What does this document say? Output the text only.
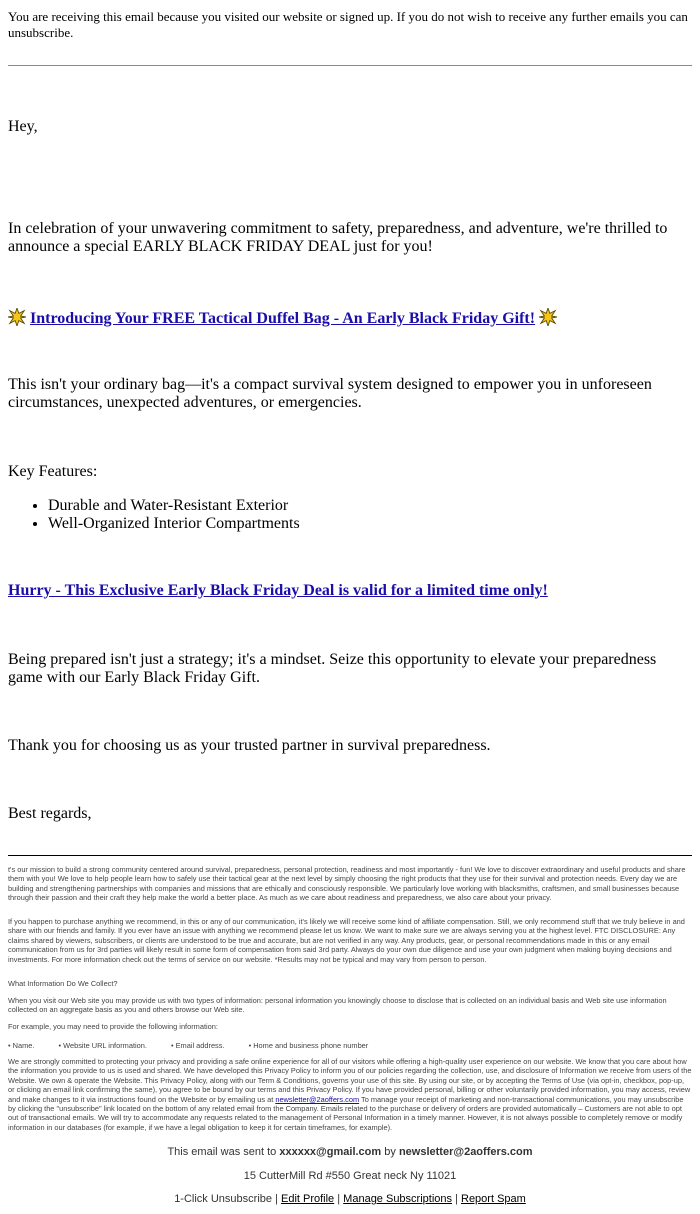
You are receiving this email because you visited our website or signed up. If you do not wish to receive any further emails you can unsubscribe.
Hey,
In celebration of your unwavering commitment to safety, preparedness, and adventure, we're thrilled to announce a special EARLY BLACK FRIDAY DEAL just for you!
Introducing Your FREE Tactical Duffel Bag - An Early Black Friday Gift!
This isn't your ordinary bag—it's a compact survival system designed to empower you in unforeseen circumstances, unexpected adventures, or emergencies.
Key Features:
• Durable and Water-Resistant Exterior
• Well-Organized Interior Compartments
Hurry - This Exclusive Early Black Friday Deal is valid for a limited time only!
Being prepared isn't just a strategy; it's a mindset. Seize this opportunity to elevate your preparedness game with our Early Black Friday Gift.
Thank you for choosing us as your trusted partner in survival preparedness.
Best regards,
t's our mission to build a strong community centered around survival, preparedness, personal protection, readiness and most importantly - fun! We love to discover extraordinary and useful products and share them with you! We love to help people learn how to safely use their tactical gear at the next level by simply choosing the right products that they use for their survival and protection needs. Every day we are building and strengthening partnerships with companies and missions that are ethically and consciously responsible. We particularly love working with blacksmiths, craftsmen, and small businesses because through their passion and their craft they help make the world a better place. As much as we care about readiness and preparedness, we also care about your privacy.
If you happen to purchase anything we recommend, in this or any of our communication, it's likely we will receive some kind of affiliate compensation. Still, we only recommend stuff that we truly believe in and share with our friends and family. If you ever have an issue with anything we recommend please let us know. We want to make sure we are always serving you at the highest level. FTC DISCLOSURE: Any claims shared by viewers, subscribers, or clients are understood to be true and accurate, but are not verified in any way. Any products, gear, or personal recommendations made in this or any email communication from us for 3rd parties will likely result in some form of compensation from said 3rd party. Always do your own due diligence and use your own judgment when making buying decisions and investments. For more information check out the terms of service on our website. *Results may not be typical and may vary from person to person.
What Information Do We Collect?
When you visit our Web site you may provide us with two types of information: personal information you knowingly choose to disclose that is collected on an individual basis and Web site use information collected on an aggregate basis as you and others browse our Web site.
For example, you may need to provide the following information:
• Name.	• Website URL information.	• Email address.	• Home and business phone number
We are strongly committed to protecting your privacy and providing a safe online experience for all of our visitors while offering a high-quality user experience on our website. We know that you care about how the information you provide to us is used and shared. We have developed this Privacy Policy to inform you of our policies regarding the collection, use, and disclosure of Information we receive from users of the Website. We own & operate the Website. This Privacy Policy, along with our Term & Conditions, governs your use of this site. By using our site, or by accepting the Terms of Use (via opt-in, checkbox, pop-up, or clicking an email link confirming the same), you agree to be bound by our terms and this Privacy Policy. If you have provided personal, billing or other voluntarily provided information, you may access, review and make changes to it via instructions found on the Website or by emailing us at newsletter@2aoffers.com To manage your receipt of marketing and non-transactional communications, you may unsubscribe by clicking the "unsubscribe" link located on the bottom of any related email from the Company. Emails related to the purchase or delivery of orders are provided automatically – Customers are not able to opt out of transactional emails. We will try to accommodate any requests related to the management of Personal Information in a timely manner. However, it is not always possible to completely remove or modify information in our databases (for example, if we have a legal obligation to keep it for certain timeframes, for example).
This email was sent to xxxxxx@gmail.com by newsletter@2aoffers.com
15 CutterMill Rd #550 Great neck Ny 11021
1-Click Unsubscribe | Edit Profile | Manage Subscriptions | Report Spam
